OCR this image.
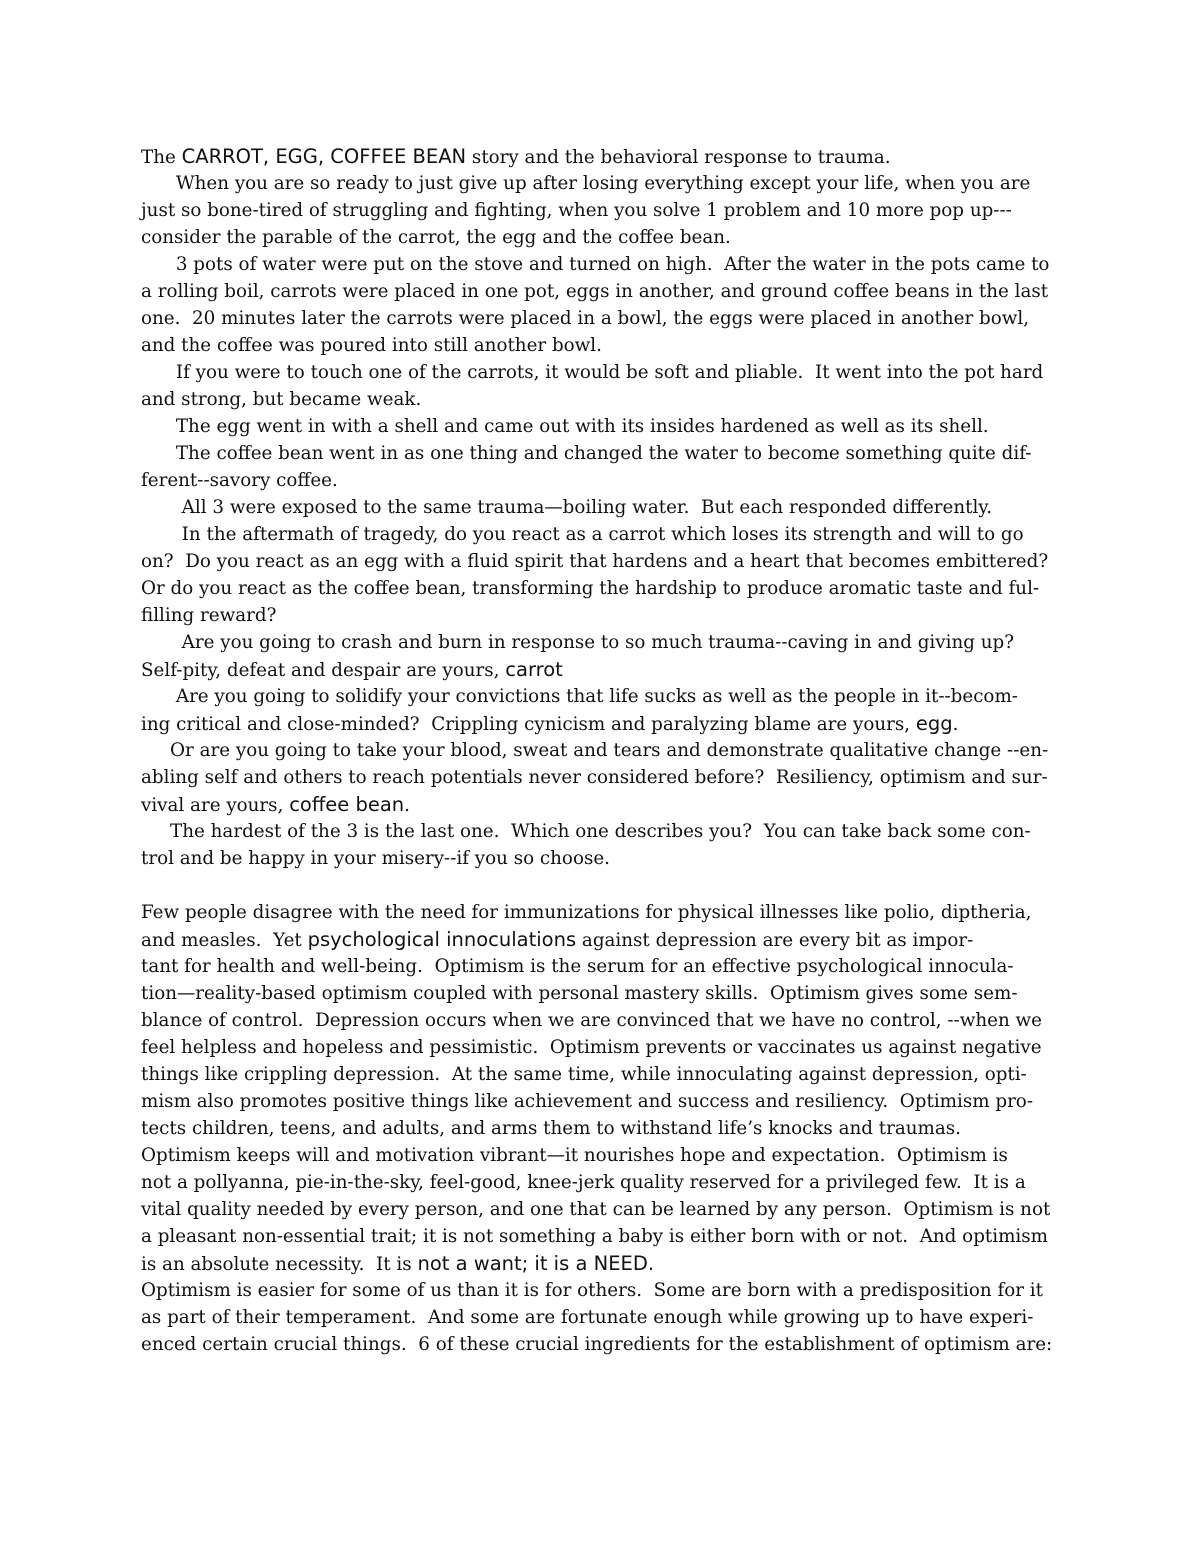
The CARROT, EGG, COFFEE BEAN story and the behavioral response to trauma.
When you are so ready to just give up after losing everything except your life, when you are
just so bone-tired of struggling and fighting, when you solve 1 problem and 10 more pop up---
consider the parable of the carrot, the egg and the coffee bean.
3 pots of water were put on the stove and turned on high.  After the water in the pots came to
a rolling boil, carrots were placed in one pot, eggs in another, and ground coffee beans in the last
one.  20 minutes later the carrots were placed in a bowl, the eggs were placed in another bowl,
and the coffee was poured into still another bowl.
If you were to touch one of the carrots, it would be soft and pliable.  It went into the pot hard
and strong, but became weak.
The egg went in with a shell and came out with its insides hardened as well as its shell.
The coffee bean went in as one thing and changed the water to become something quite dif-
ferent--savory coffee.
All 3 were exposed to the same trauma—boiling water.  But each responded differently.
In the aftermath of tragedy, do you react as a carrot which loses its strength and will to go
on?  Do you react as an egg with a fluid spirit that hardens and a heart that becomes embittered?
Or do you react as the coffee bean, transforming the hardship to produce aromatic taste and ful-
filling reward?
Are you going to crash and burn in response to so much trauma--caving in and giving up?
Self-pity, defeat and despair are yours, carrot
Are you going to solidify your convictions that life sucks as well as the people in it--becom-
ing critical and close-minded?  Crippling cynicism and paralyzing blame are yours, egg.
Or are you going to take your blood, sweat and tears and demonstrate qualitative change --en-
abling self and others to reach potentials never considered before?  Resiliency, optimism and sur-
vival are yours, coffee bean.
The hardest of the 3 is the last one.  Which one describes you?  You can take back some con-
trol and be happy in your misery--if you so choose.
Few people disagree with the need for immunizations for physical illnesses like polio, diptheria,
and measles.  Yet psychological innoculations against depression are every bit as impor-
tant for health and well-being.  Optimism is the serum for an effective psychological innocula-
tion—reality-based optimism coupled with personal mastery skills.  Optimism gives some sem-
blance of control.  Depression occurs when we are convinced that we have no control, --when we
feel helpless and hopeless and pessimistic.  Optimism prevents or vaccinates us against negative
things like crippling depression.  At the same time, while innoculating against depression, opti-
mism also promotes positive things like achievement and success and resiliency.  Optimism pro-
tects children, teens, and adults, and arms them to withstand life’s knocks and traumas.
Optimism keeps will and motivation vibrant—it nourishes hope and expectation.  Optimism is
not a pollyanna, pie-in-the-sky, feel-good, knee-jerk quality reserved for a privileged few.  It is a
vital quality needed by every person, and one that can be learned by any person.  Optimism is not
a pleasant non-essential trait; it is not something a baby is either born with or not.  And optimism
is an absolute necessity.  It is not a want; it is a NEED.
Optimism is easier for some of us than it is for others.  Some are born with a predisposition for it
as part of their temperament.  And some are fortunate enough while growing up to have experi-
enced certain crucial things.  6 of these crucial ingredients for the establishment of optimism are:
